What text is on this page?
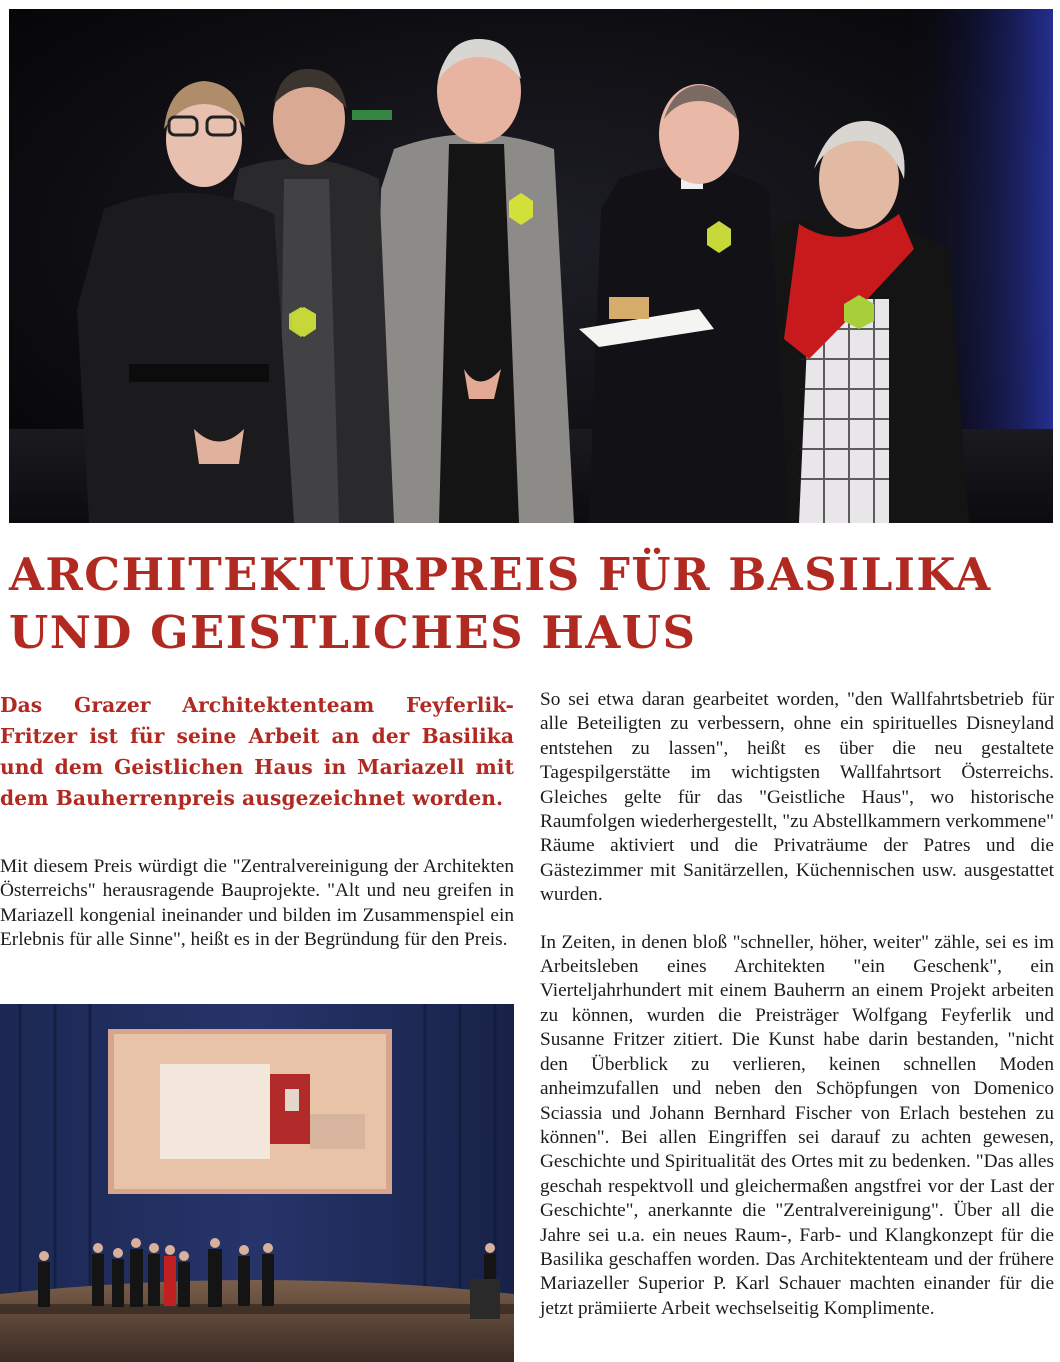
ARCHITEKTURPREIS FÜR BASILIKA
UND GEISTLICHES HAUS

Das Grazer Architektenteam Feyferlik-Fritzer ist für seine Arbeit an der Basilika und dem Geistlichen Haus in Mariazell mit dem Bauherrenpreis ausgezeichnet worden.

Mit diesem Preis würdigt die "Zentralvereinigung der Architekten Österreichs" herausragende Bauprojekte. "Alt und neu greifen in Mariazell kongenial ineinander und bilden im Zusammenspiel ein Erlebnis für alle Sinne", heißt es in der Begründung für den Preis.

So sei etwa daran gearbeitet worden, "den Wallfahrtsbetrieb für alle Beteiligten zu verbessern, ohne ein spirituelles Disneyland entstehen zu lassen", heißt es über die neu gestaltete Tagespilgerstätte im wichtigsten Wallfahrtsort Österreichs. Gleiches gelte für das "Geistliche Haus", wo historische Raumfolgen wiederhergestellt, "zu Abstellkammern verkommene" Räume aktiviert und die Privaträume der Patres und die Gästezimmer mit Sanitärzellen, Küchennischen usw. ausgestattet wurden.

In Zeiten, in denen bloß "schneller, höher, weiter" zähle, sei es im Arbeitsleben eines Architekten "ein Geschenk", ein Vierteljahrhundert mit einem Bauherrn an einem Projekt arbeiten zu können, wurden die Preisträger Wolfgang Feyferlik und Susanne Fritzer zitiert. Die Kunst habe darin bestanden, "nicht den Überblick zu verlieren, keinen schnellen Moden anheimzufallen und neben den Schöpfungen von Domenico Sciassia und Johann Bernhard Fischer von Erlach bestehen zu können". Bei allen Eingriffen sei darauf zu achten gewesen, Geschichte und Spiritualität des Ortes mit zu bedenken. "Das alles geschah respektvoll und gleichermaßen angstfrei vor der Last der Geschichte", anerkannte die "Zentralvereinigung". Über all die Jahre sei u.a. ein neues Raum-, Farb- und Klangkonzept für die Basilika geschaffen worden. Das Architektenteam und der frühere Mariazeller Superior P. Karl Schauer machten einander für die jetzt prämiierte Arbeit wechselseitig Komplimente.
